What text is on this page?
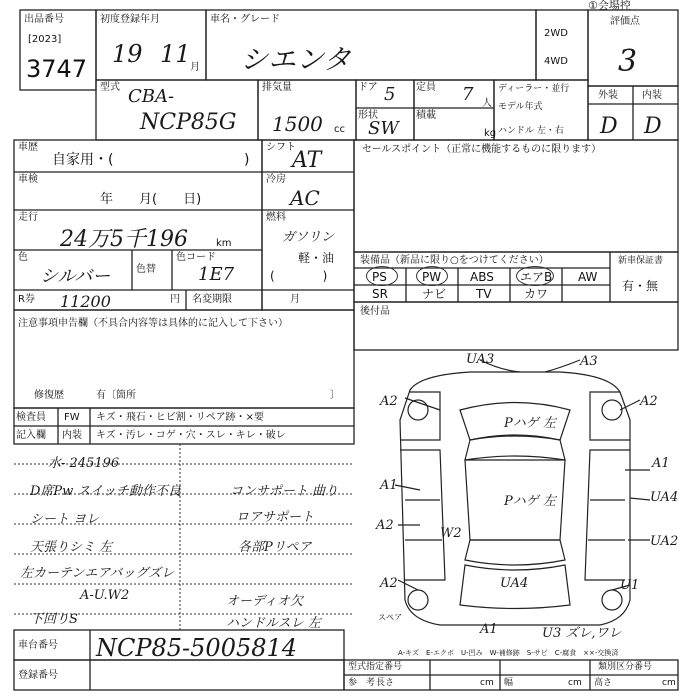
①会場控
出品番号
[2023]
3747
初度登録年月
19 11 月
車名・グレード
シエンタ
2WD
4WD
評価点
3
型式 CBA-
NCP85G
排気量
1500 cc
ドア 5 定員 7 人
形状
SW
積載
kg
ディーラー・並行
モデル年式
ハンドル 左・右
外装 内装
D D
車歴
自家用・(	)
シフト
AT
車検
年　　月(　　日)
冷房
AC
走行
24万5千196	km
燃料
ガソリン
軽・油
(　　　　)
色
シルバー	色替
色コード
1E7
R券 11200	円 名変期限	月
セールスポイント（正常に機能するものに限ります）
装備品（新品に限り○をつけてください）	新車保証書
有・無
PS	PW ABS エアB AW
SR	ナビ TV	カワ
後付品
注意事項申告欄（不具合内容等は具体的に記入して下さい）
修復歴	有〔箇所	〕
検査員
記入欄
FW キズ・飛石・ヒビ割・リペア跡・×要
内装 キズ・汚レ・コゲ・穴・スレ・キレ・破レ
水- 245196
D席Pw スイッチ動作不良
シート ヨレ
天張りシミ 左
左カーテンエアバッグズレ
A-U.W2
下回りS
コンサポート 曲り
ロアサポート
各部Pリペア
オーディオ欠
ハンドルスレ 左
UA3	A3
A2	A2
Pハゲ 左
A1
A1
UA4
Pハゲ 左
A2
W2
UA2
A2	UA4	U1
A1	U3 ズレ,ワレ
スペア
A-キズ　E-エクボ　U-凹み　W-補修跡　S-サビ　C-腐食　××-交換済
車台番号 NCP85-5005814
登録番号
型式指定番号	類別区分番号
参　考 長さ	cm 幅	cm 高さ	cm
